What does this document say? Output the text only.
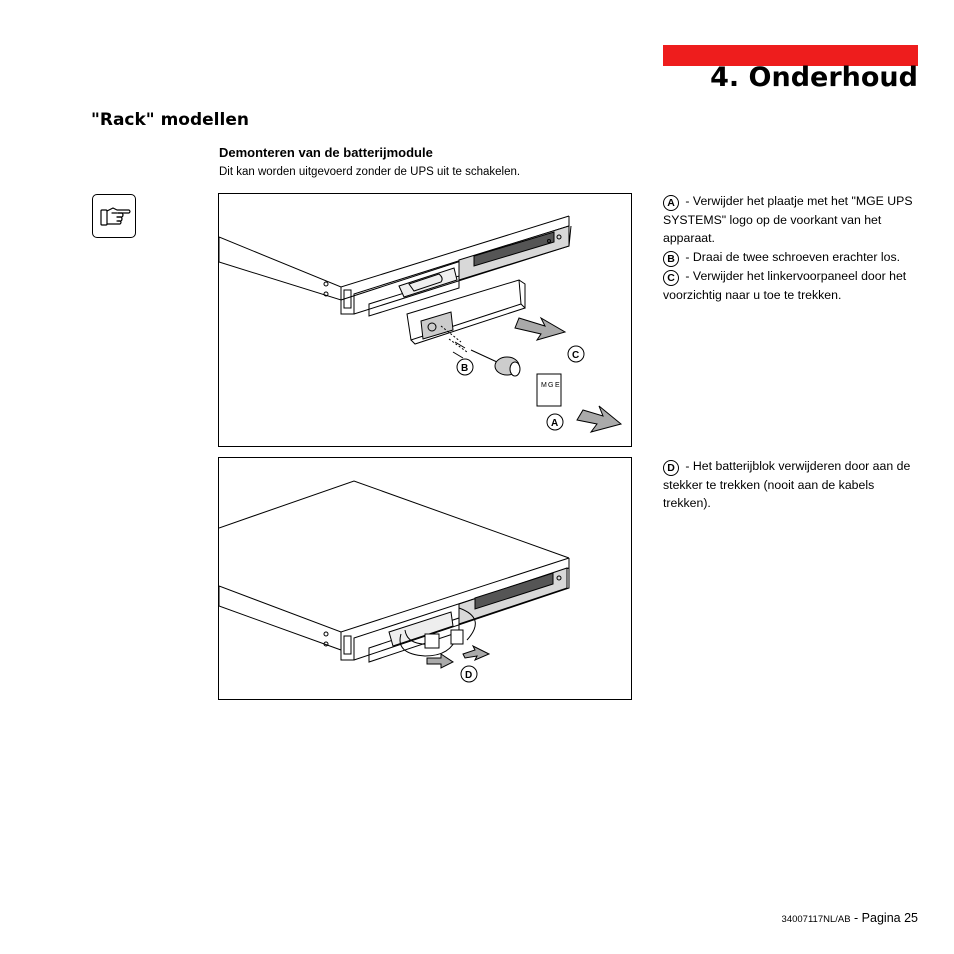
4. Onderhoud
"Rack" modellen
Demonteren van de batterijmodule
Dit kan worden uitgevoerd zonder de UPS uit te schakelen.
M G E
C
B
A
D

A - Verwijder het plaatje met het "MGE UPS SYSTEMS" logo op de voorkant van het apparaat.

B - Draai de twee schroeven erachter los.

C - Verwijder het linkervoorpaneel door het voorzichtig naar u toe te trekken.

D - Het batterijblok verwijderen door aan de stekker te trekken (nooit aan de kabels trekken).

34007117NL/AB - Pagina 25
